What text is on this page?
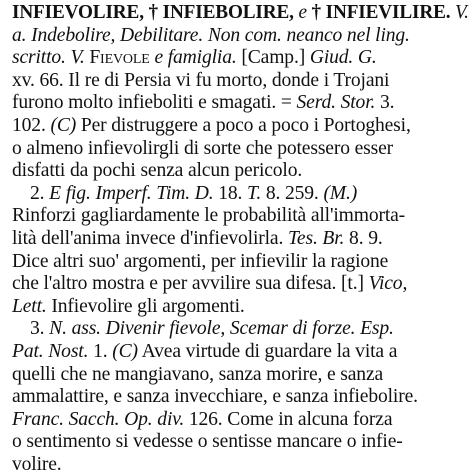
INFIEVOLIRE, † INFIEBOLIRE, e † INFIEVILIRE. V.
a. Indebolire, Debilitare. Non com. neanco nel ling.
scritto. V. Fievole e famiglia. [Camp.] Giud. G.
xv. 66. Il re di Persia vi fu morto, donde i Trojani
furono molto infieboliti e smagati. = Serd. Stor. 3.
102. (C) Per distruggere a poco a poco i Portoghesi,
o almeno infievolirgli di sorte che potessero esser
disfatti da pochi senza alcun pericolo.
2. E fig. Imperf. Tim. D. 18. T. 8. 259. (M.)
Rinforzi gagliardamente le probabilità all'immorta-
lità dell'anima invece d'infievolirla. Tes. Br. 8. 9.
Dice altri suo' argomenti, per infievilir la ragione
che l'altro mostra e per avvilire sua difesa. [t.] Vico,
Lett. Infievolire gli argomenti.
3. N. ass. Divenir fievole, Scemar di forze. Esp.
Pat. Nost. 1. (C) Avea virtude di guardare la vita a
quelli che ne mangiavano, sanza morire, e sanza
ammalattire, e sanza invecchiare, e sanza infiebolire.
Franc. Sacch. Op. div. 126. Come in alcuna forza
o sentimento si vedesse o sentisse mancare o infie-
volire.
